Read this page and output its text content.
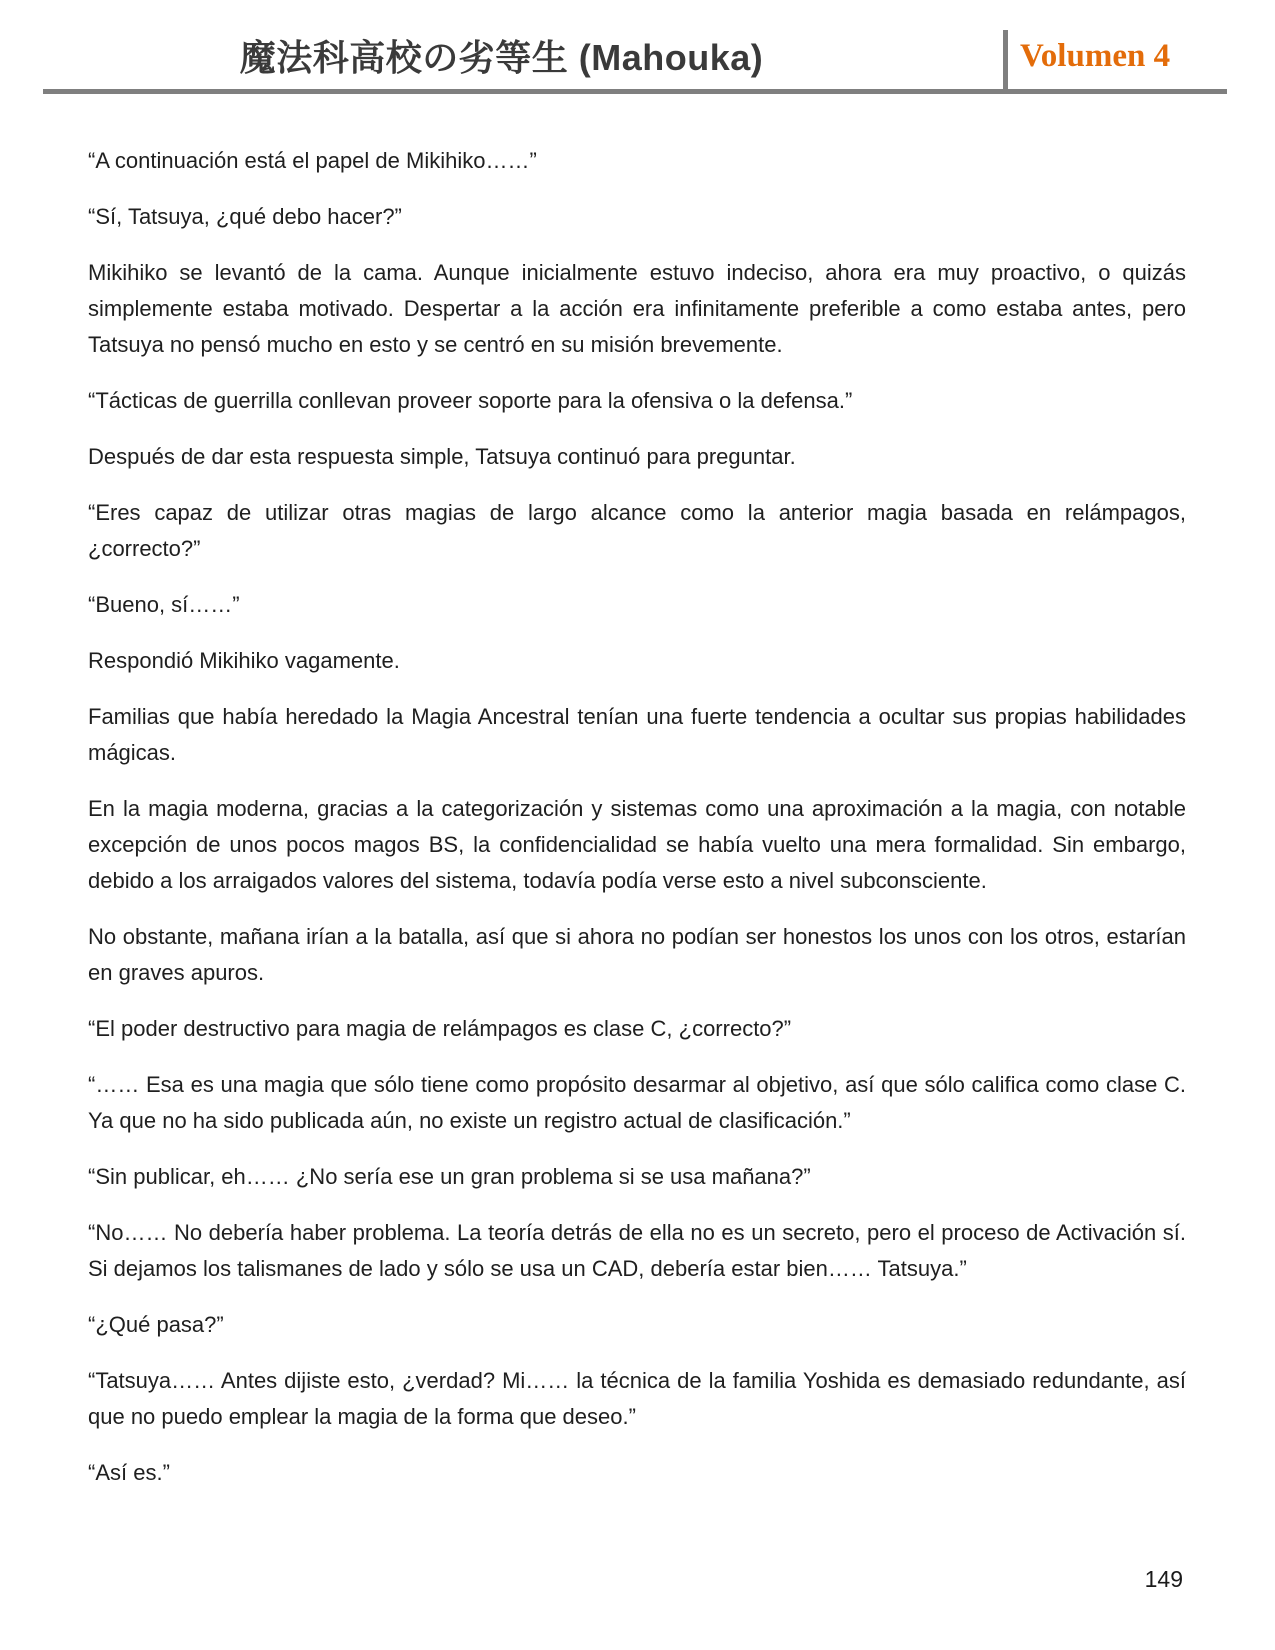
魔法科高校の劣等生 (Mahouka)	Volumen 4

“A continuación está el papel de Mikihiko……”

“Sí, Tatsuya, ¿qué debo hacer?”

Mikihiko se levantó de la cama. Aunque inicialmente estuvo indeciso, ahora era muy proactivo, o quizás simplemente estaba motivado. Despertar a la acción era infinitamente preferible a como estaba antes, pero Tatsuya no pensó mucho en esto y se centró en su misión brevemente.

“Tácticas de guerrilla conllevan proveer soporte para la ofensiva o la defensa.”

Después de dar esta respuesta simple, Tatsuya continuó para preguntar.

“Eres capaz de utilizar otras magias de largo alcance como la anterior magia basada en relámpagos, ¿correcto?”

“Bueno, sí……”

Respondió Mikihiko vagamente.

Familias que había heredado la Magia Ancestral tenían una fuerte tendencia a ocultar sus propias habilidades mágicas.

En la magia moderna, gracias a la categorización y sistemas como una aproximación a la magia, con notable excepción de unos pocos magos BS, la confidencialidad se había vuelto una mera formalidad. Sin embargo, debido a los arraigados valores del sistema, todavía podía verse esto a nivel subconsciente.

No obstante, mañana irían a la batalla, así que si ahora no podían ser honestos los unos con los otros, estarían en graves apuros.

“El poder destructivo para magia de relámpagos es clase C, ¿correcto?”

“…… Esa es una magia que sólo tiene como propósito desarmar al objetivo, así que sólo califica como clase C. Ya que no ha sido publicada aún, no existe un registro actual de clasificación.”

“Sin publicar, eh…… ¿No sería ese un gran problema si se usa mañana?”

“No…… No debería haber problema. La teoría detrás de ella no es un secreto, pero el proceso de Activación sí. Si dejamos los talismanes de lado y sólo se usa un CAD, debería estar bien…… Tatsuya.”

“¿Qué pasa?”

“Tatsuya…… Antes dijiste esto, ¿verdad? Mi…… la técnica de la familia Yoshida es demasiado redundante, así que no puedo emplear la magia de la forma que deseo.”

“Así es.”

149
